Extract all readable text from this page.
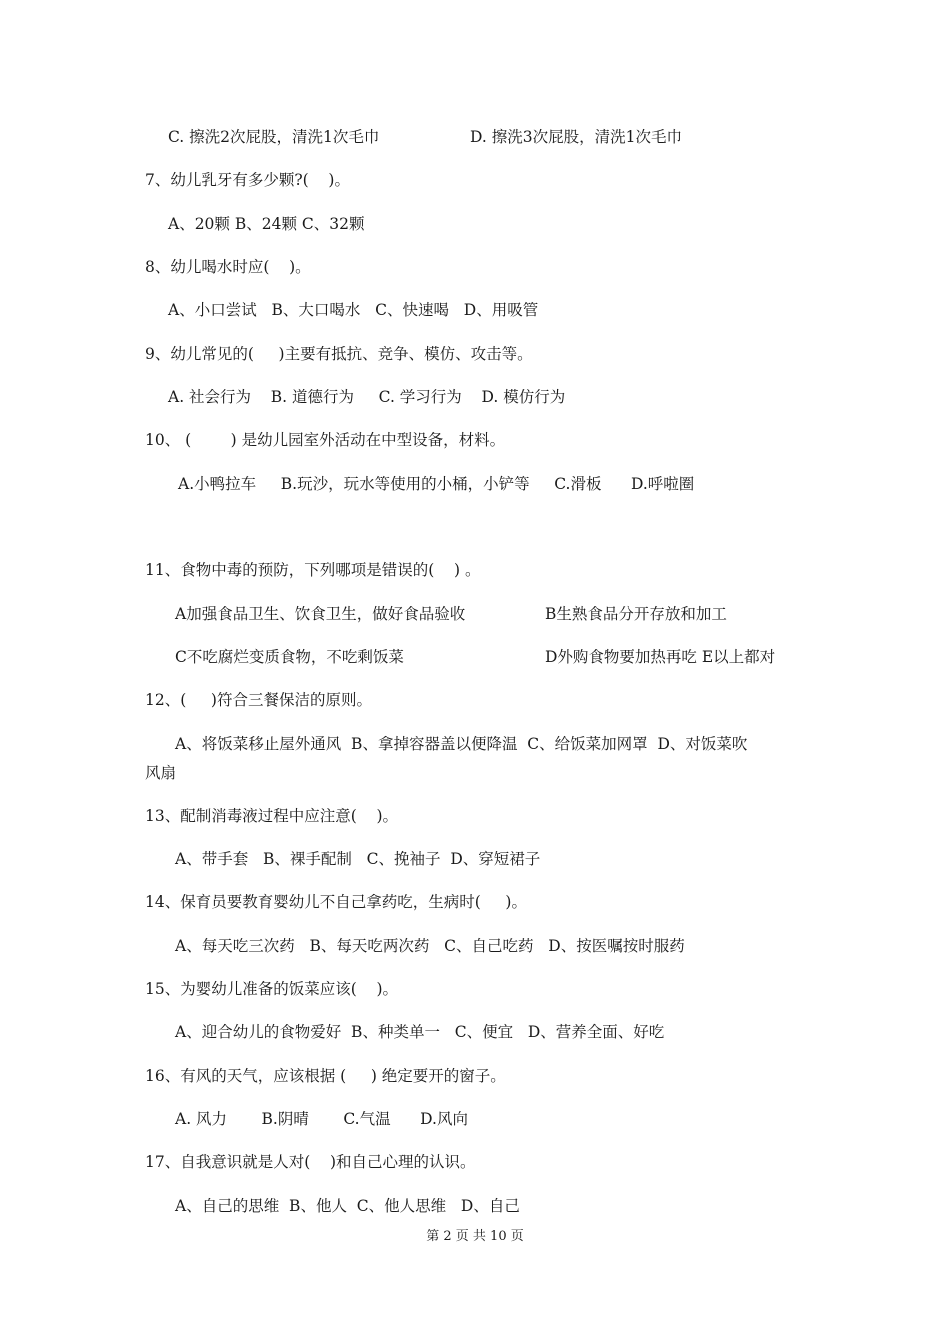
C. 擦洗2次屁股，清洗1次毛巾	D. 擦洗3次屁股，清洗1次毛巾
7、幼儿乳牙有多少颗?(    )。
A、20颗 B、24颗 C、32颗
8、幼儿喝水时应(    )。
A、小口尝试   B、大口喝水   C、快速喝   D、用吸管
9、幼儿常见的(     )主要有抵抗、竞争、模仿、攻击等。
A. 社会行为    B. 道德行为     C. 学习行为    D. 模仿行为
10、 (        ) 是幼儿园室外活动在中型设备，材料。
A.小鸭拉车     B.玩沙，玩水等使用的小桶，小铲等     C.滑板      D.呼啦圈
11、食物中毒的预防，下列哪项是错误的(    ) 。
A加强食品卫生、饮食卫生，做好食品验收	B生熟食品分开存放和加工
C不吃腐烂变质食物，不吃剩饭菜	D外购食物要加热再吃 E以上都对
12、(     )符合三餐保洁的原则。
A、将饭菜移止屋外通风  B、拿掉容器盖以便降温  C、给饭菜加网罩  D、对饭菜吹
风扇
13、配制消毒液过程中应注意(    )。
A、带手套   B、裸手配制   C、挽袖子  D、穿短裙子
14、保育员要教育婴幼儿不自己拿药吃，生病时(     )。
A、每天吃三次药   B、每天吃两次药   C、自己吃药   D、按医嘱按时服药
15、为婴幼儿准备的饭菜应该(    )。
A、迎合幼儿的食物爱好  B、种类单一   C、便宜   D、营养全面、好吃
16、有风的天气，应该根据 (     ) 绝定要开的窗子。
A. 风力       B.阴晴       C.气温      D.风向
17、自我意识就是人对(    )和自己心理的认识。
A、自己的思维  B、他人  C、他人思维   D、自己
第 2 页 共 10 页
